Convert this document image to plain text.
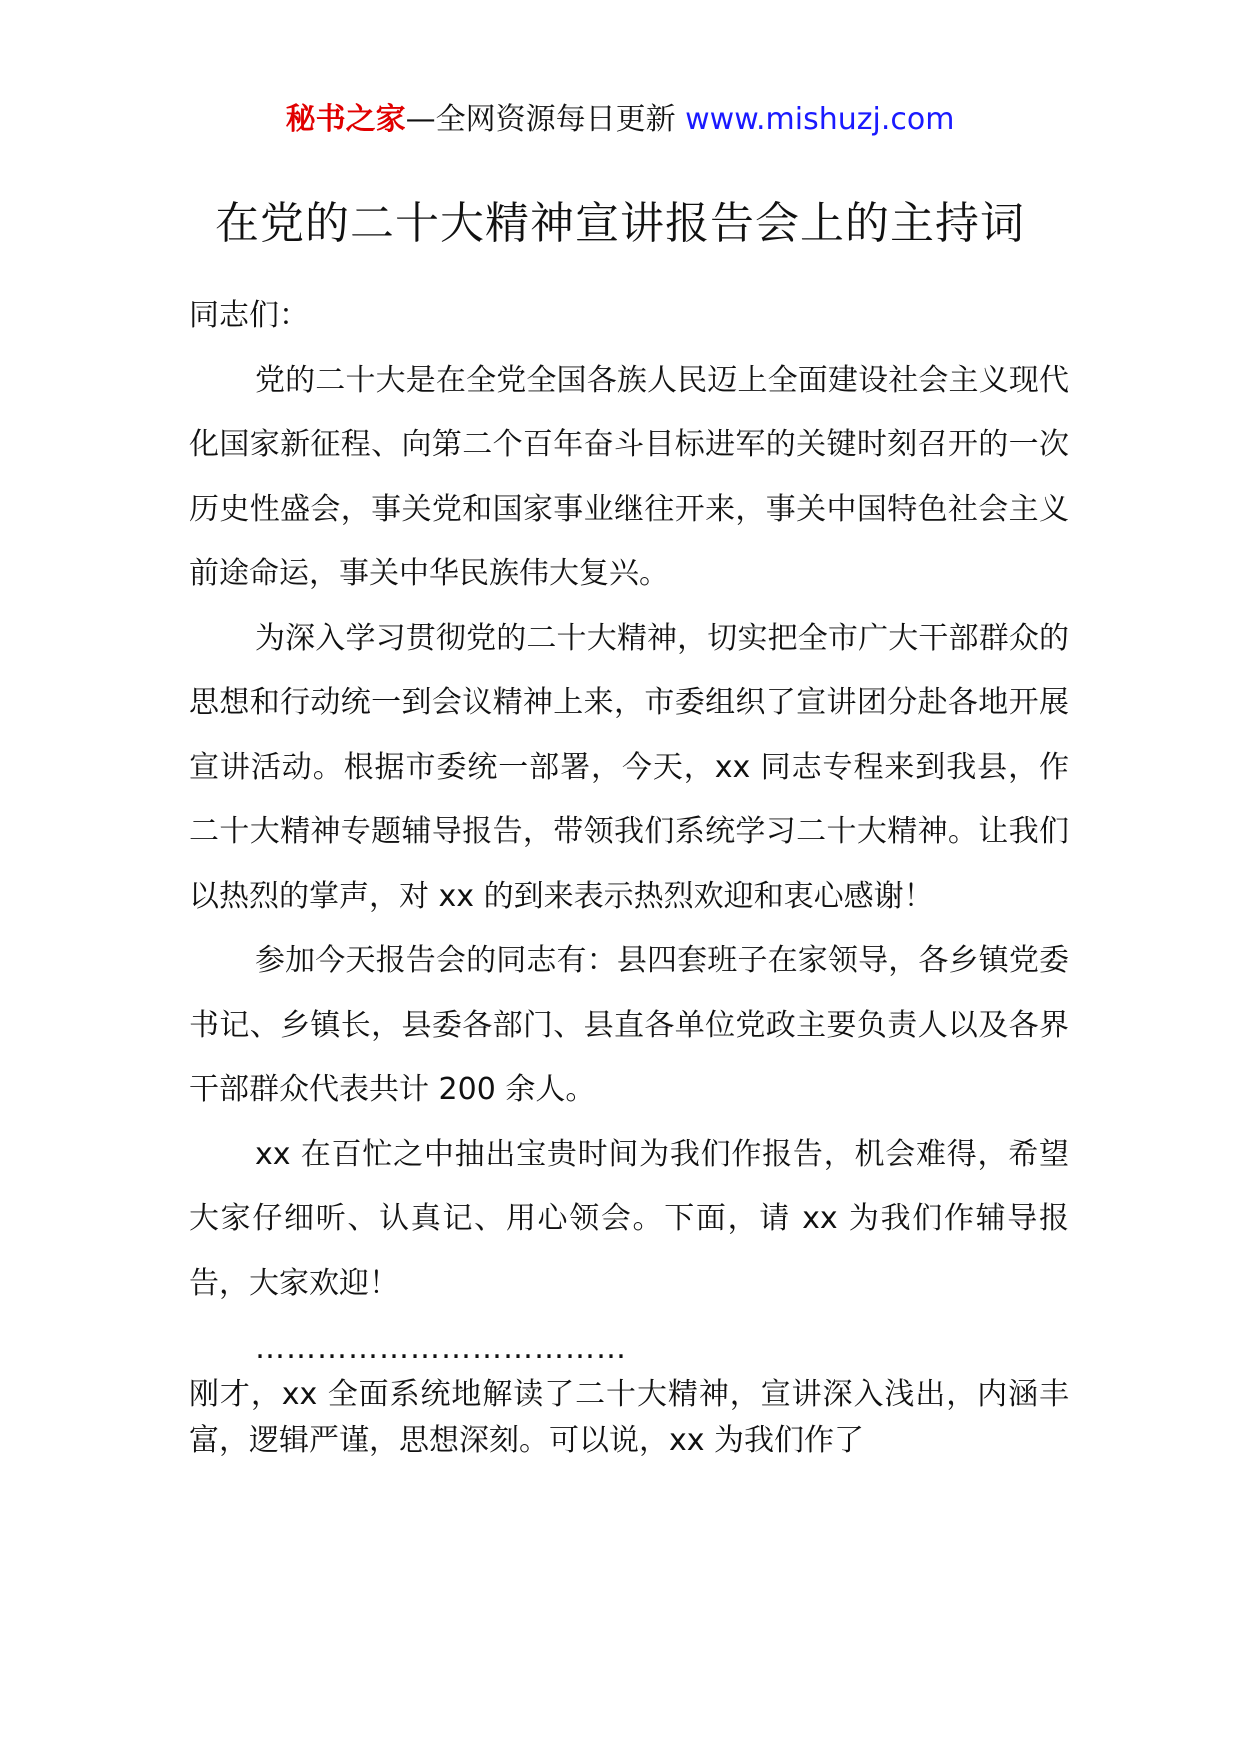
秘书之家—全网资源每日更新 www.mishuzj.com
在党的二十大精神宣讲报告会上的主持词

同志们：

党的二十大是在全党全国各族人民迈上全面建设社会主义现代化国家新征程、向第二个百年奋斗目标进军的关键时刻召开的一次历史性盛会，事关党和国家事业继往开来，事关中国特色社会主义前途命运，事关中华民族伟大复兴。

为深入学习贯彻党的二十大精神，切实把全市广大干部群众的思想和行动统一到会议精神上来，市委组织了宣讲团分赴各地开展宣讲活动。根据市委统一部署，今天，xx 同志专程来到我县，作二十大精神专题辅导报告，带领我们系统学习二十大精神。让我们以热烈的掌声，对 xx 的到来表示热烈欢迎和衷心感谢！

参加今天报告会的同志有：县四套班子在家领导，各乡镇党委书记、乡镇长，县委各部门、县直各单位党政主要负责人以及各界干部群众代表共计 200 余人。

xx 在百忙之中抽出宝贵时间为我们作报告，机会难得，希望大家仔细听、认真记、用心领会。下面，请 xx 为我们作辅导报告，大家欢迎！

………………………………

刚才，xx 全面系统地解读了二十大精神，宣讲深入浅出，内涵丰富，逻辑严谨，思想深刻。可以说，xx 为我们作了
